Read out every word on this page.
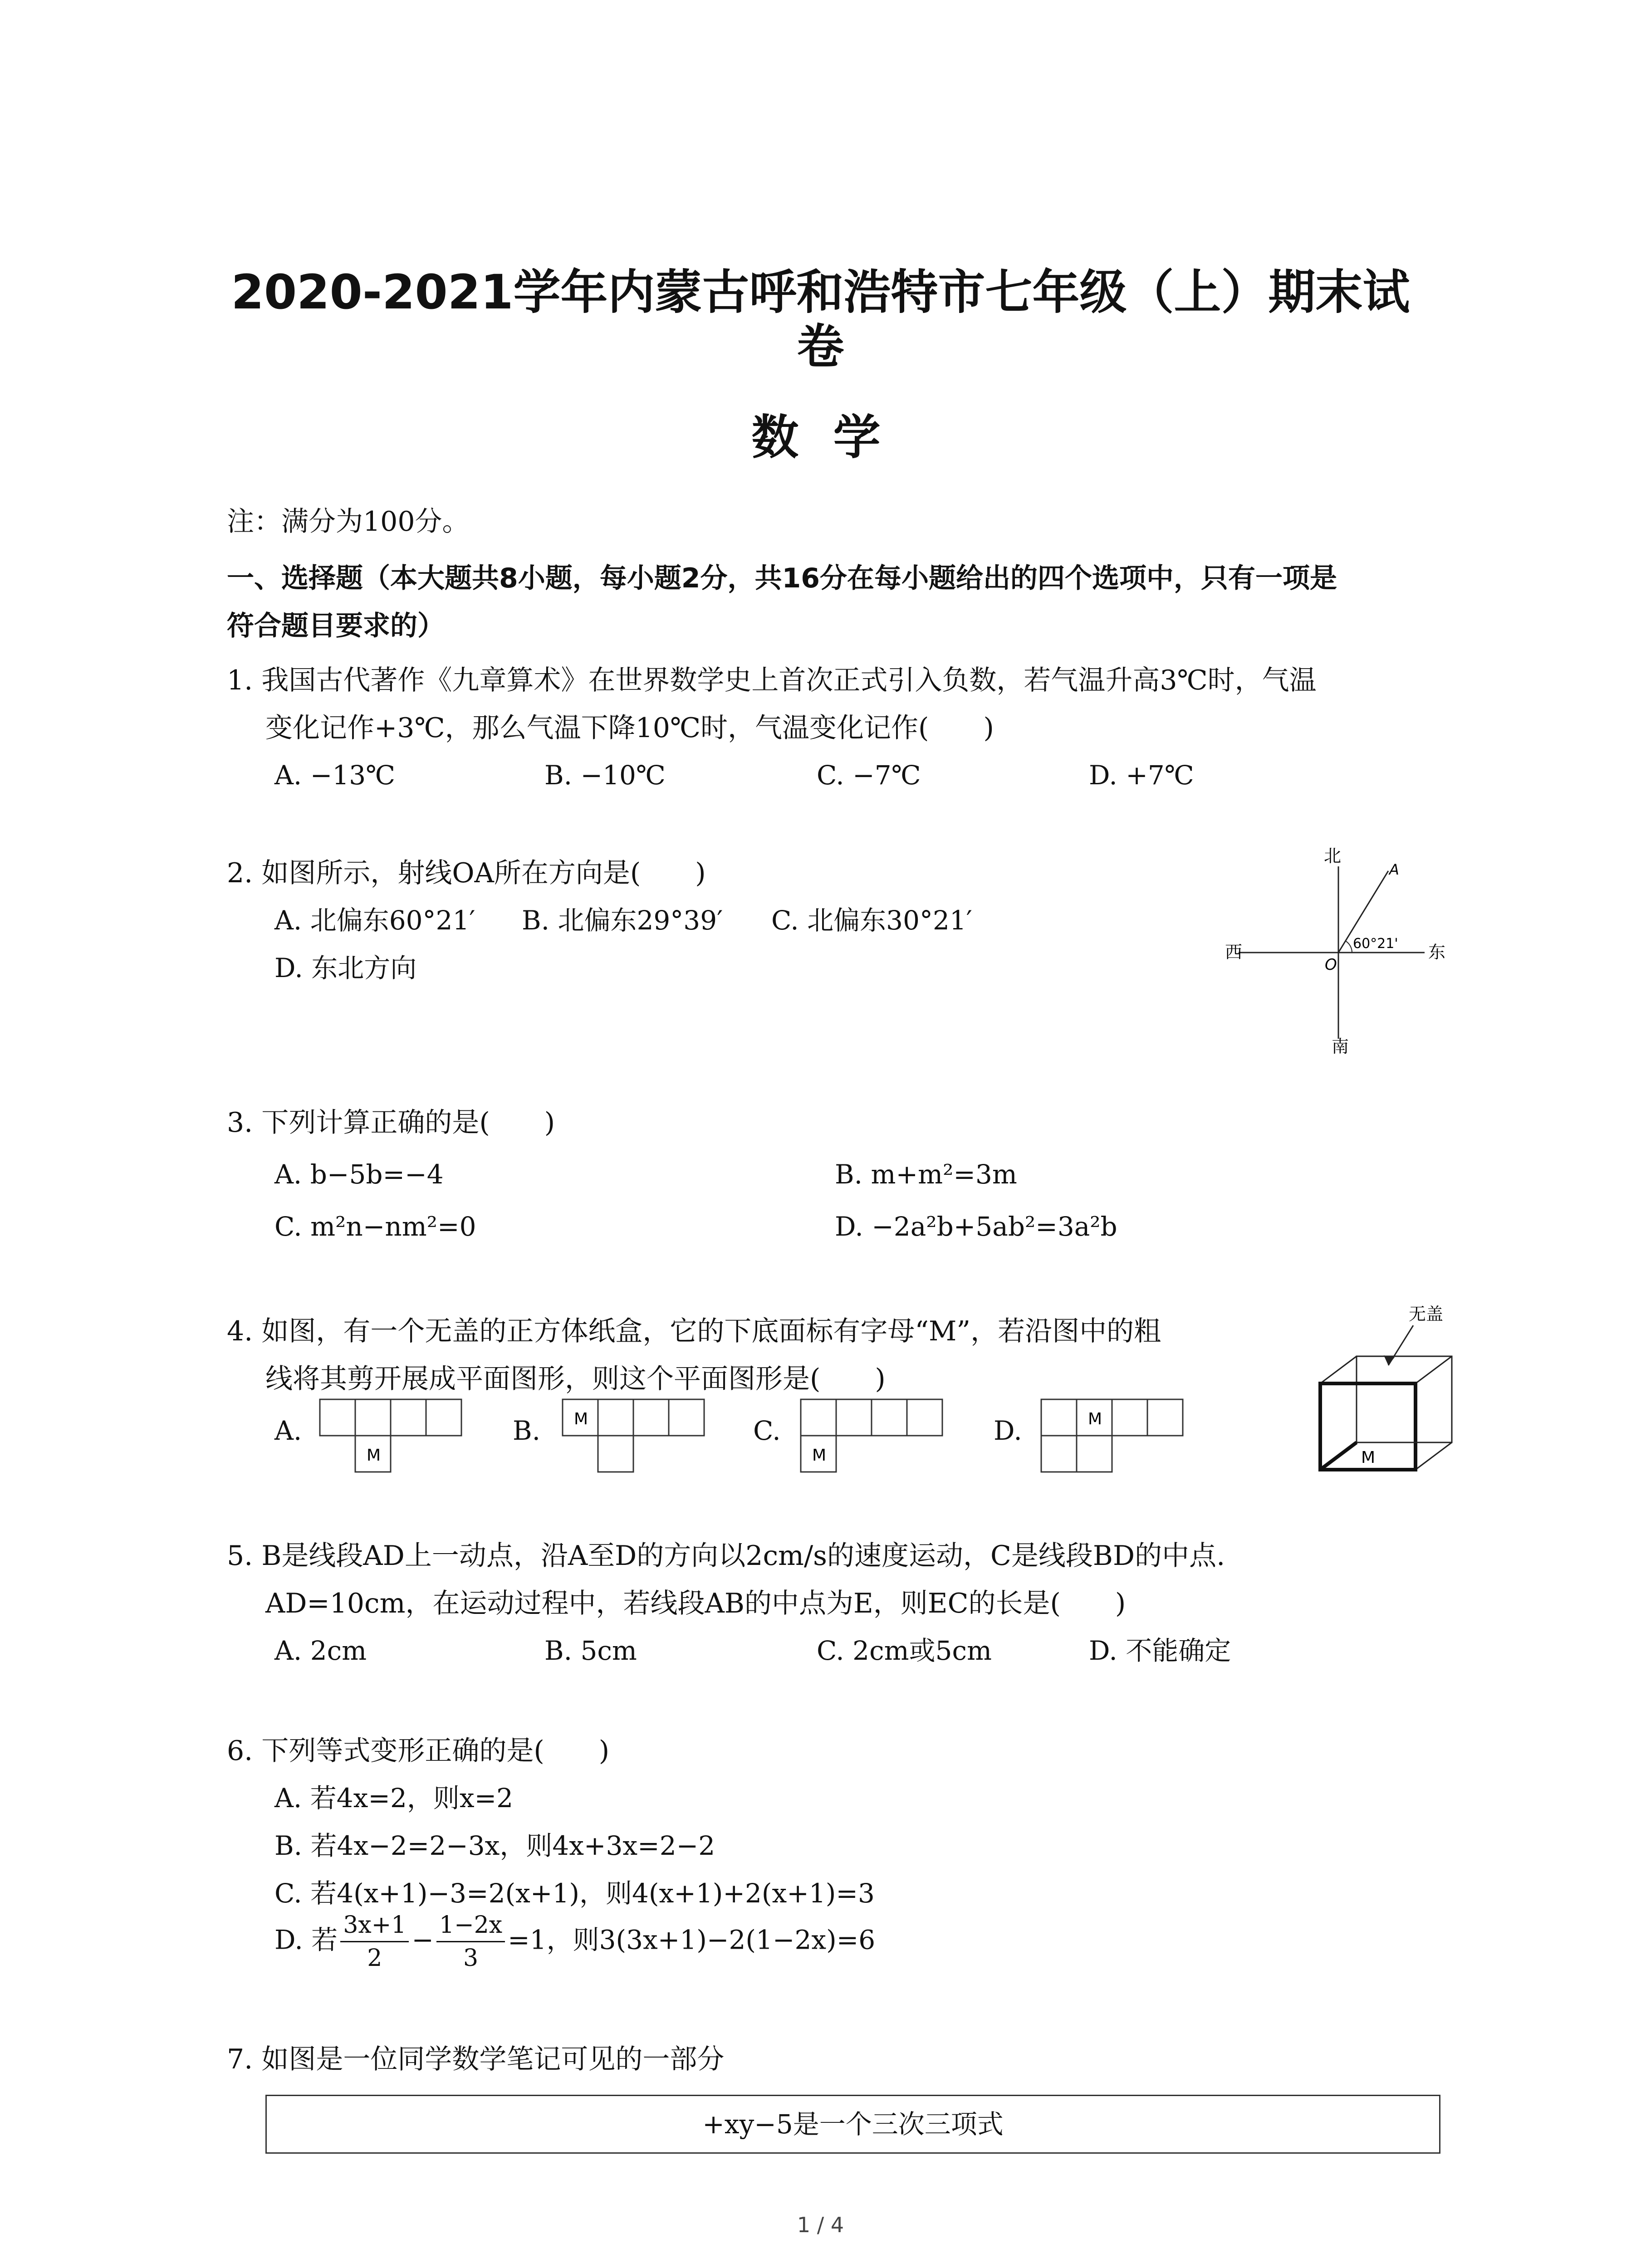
2020-2021学年内蒙古呼和浩特市七年级（上）期末试
卷
数 学
注：满分为100分。
一、选择题（本大题共8小题，每小题2分，共16分在每小题给出的四个选项中，只有一项是
符合题目要求的）
1. 我国古代著作《九章算术》在世界数学史上首次正式引入负数，若气温升高3℃时，气温
变化记作+3℃，那么气温下降10℃时，气温变化记作(　　)
A. −13℃	B. −10℃	C. −7℃	D. +7℃
2. 如图所示，射线OA所在方向是(　　)
A. 北偏东60°21′ B. 北偏东29°39′ C. 北偏东30°21′
D. 东北方向
北
南
西	东
A
O
60°21'
3. 下列计算正确的是(　　)
A. b−5b=−4	B. m+m²=3m
C. m²n−nm²=0	D. −2a²b+5ab²=3a²b
4. 如图，有一个无盖的正方体纸盒，它的下底面标有字母“M”，若沿图中的粗
线将其剪开展成平面图形，则这个平面图形是(　　)
A.
M
B. M	C.
M
D.	M
无盖
M
5. B是线段AD上一动点，沿A至D的方向以2cm/s的速度运动，C是线段BD的中点.
AD=10cm，在运动过程中，若线段AB的中点为E，则EC的长是(　　)
A. 2cm	B. 5cm	C. 2cm或5cm	D. 不能确定
6. 下列等式变形正确的是(　　)
A. 若4x=2，则x=2
B. 若4x−2=2−3x，则4x+3x=2−2
C. 若4(x+1)−3=2(x+1)，则4(x+1)+2(x+1)=3
D. 若 $\frac{3x+1}{2} - \frac{1-2x}{3} =1$，则3(3x+1)−2(1−2x)=6
7. 如图是一位同学数学笔记可见的一部分
+xy−5是一个三次三项式
1 / 4
